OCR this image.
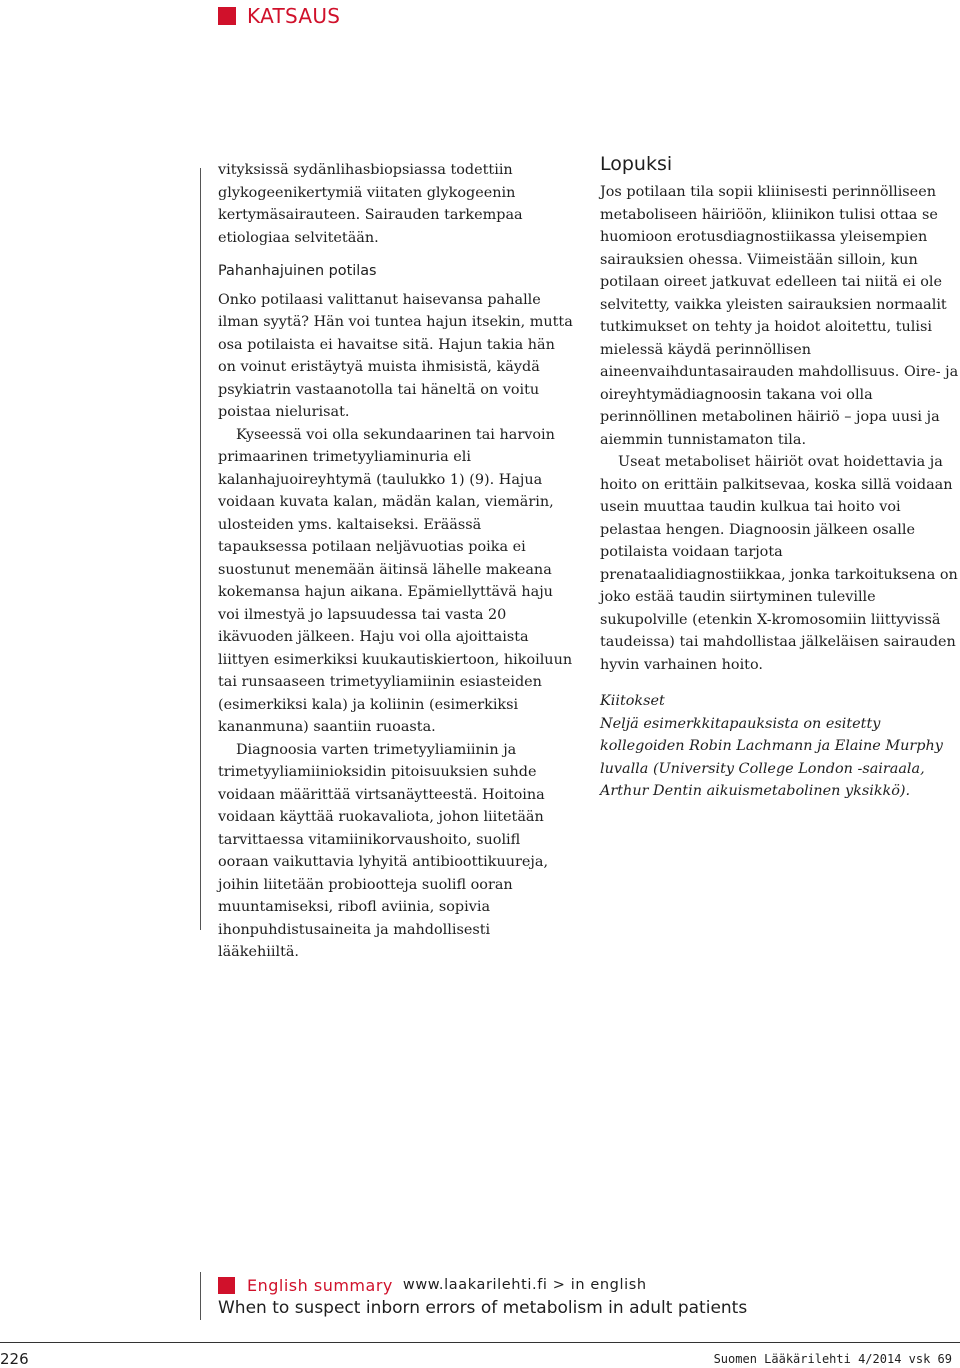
KATSAUS

vityksissä sydänlihasbiopsiassa todettiin glykogeenikertymiä viitaten glykogeenin kertymäsairauteen. Sairauden tarkempaa etiologiaa selvitetään.

Pahanhajuinen potilas

Onko potilaasi valittanut haisevansa pahalle ilman syytä? Hän voi tuntea hajun itsekin, mutta osa potilaista ei havaitse sitä. Hajun takia hän on voinut eristäytyä muista ihmisistä, käydä psykiatrin vastaanotolla tai häneltä on voitu poistaa nielurisat.

Kyseessä voi olla sekundaarinen tai harvoin primaarinen trimetyyliaminuria eli kalanhajuoireyhtymä (taulukko 1) (9). Hajua voidaan kuvata kalan, mädän kalan, viemärin, ulosteiden yms. kaltaiseksi. Eräässä tapauksessa potilaan neljävuotias poika ei suostunut menemään äitinsä lähelle makeana kokemansa hajun aikana. Epämiellyttävä haju voi ilmestyä jo lapsuudessa tai vasta 20 ikävuoden jälkeen. Haju voi olla ajoittaista liittyen esimerkiksi kuukautiskiertoon, hikoiluun tai runsaaseen trimetyyliamiinin esiasteiden (esimerkiksi kala) ja koliinin (esimerkiksi kananmuna) saantiin ruoasta.

Diagnoosia varten trimetyyliamiinin ja trimetyyliamiinioksidin pitoisuuksien suhde voidaan määrittää virtsanäytteestä. Hoitoina voidaan käyttää ruokavaliota, johon liitetään tarvittaessa vitamiinikorvaushoito, suolifl ooraan vaikuttavia lyhyitä antibioottikuureja, joihin liitetään probiootteja suolifl ooran muuntamiseksi, ribofl aviinia, sopivia ihonpuhdistusaineita ja mahdollisesti lääkehiiltä.

Lopuksi

Jos potilaan tila sopii kliinisesti perinnölliseen metaboliseen häiriöön, kliinikon tulisi ottaa se huomioon erotusdiagnostiikassa yleisempien sairauksien ohessa. Viimeistään silloin, kun potilaan oireet jatkuvat edelleen tai niitä ei ole selvitetty, vaikka yleisten sairauksien normaalit tutkimukset on tehty ja hoidot aloitettu, tulisi mielessä käydä perinnöllisen aineenvaihduntasairauden mahdollisuus. Oire- ja oireyhtymädiagnoosin takana voi olla perinnöllinen metabolinen häiriö – jopa uusi ja aiemmin tunnistamaton tila.

Useat metaboliset häiriöt ovat hoidettavia ja hoito on erittäin palkitsevaa, koska sillä voidaan usein muuttaa taudin kulkua tai hoito voi pelastaa hengen. Diagnoosin jälkeen osalle potilaista voidaan tarjota prenataalidiagnostiikkaa, jonka tarkoituksena on joko estää taudin siirtyminen tuleville sukupolville (etenkin X-kromosomiin liittyvissä taudeissa) tai mahdollistaa jälkeläisen sairauden hyvin varhainen hoito.

Kiitokset
Neljä esimerkkitapauksista on esitetty kollegoiden Robin Lachmann ja Elaine Murphy luvalla (University College London -sairaala, Arthur Dentin aikuismetabolinen yksikkö).
English summary www.laakarilehti.fi > in english
When to suspect inborn errors of metabolism in adult patients
226	Suomen Lääkärilehti 4/2014 vsk 69
